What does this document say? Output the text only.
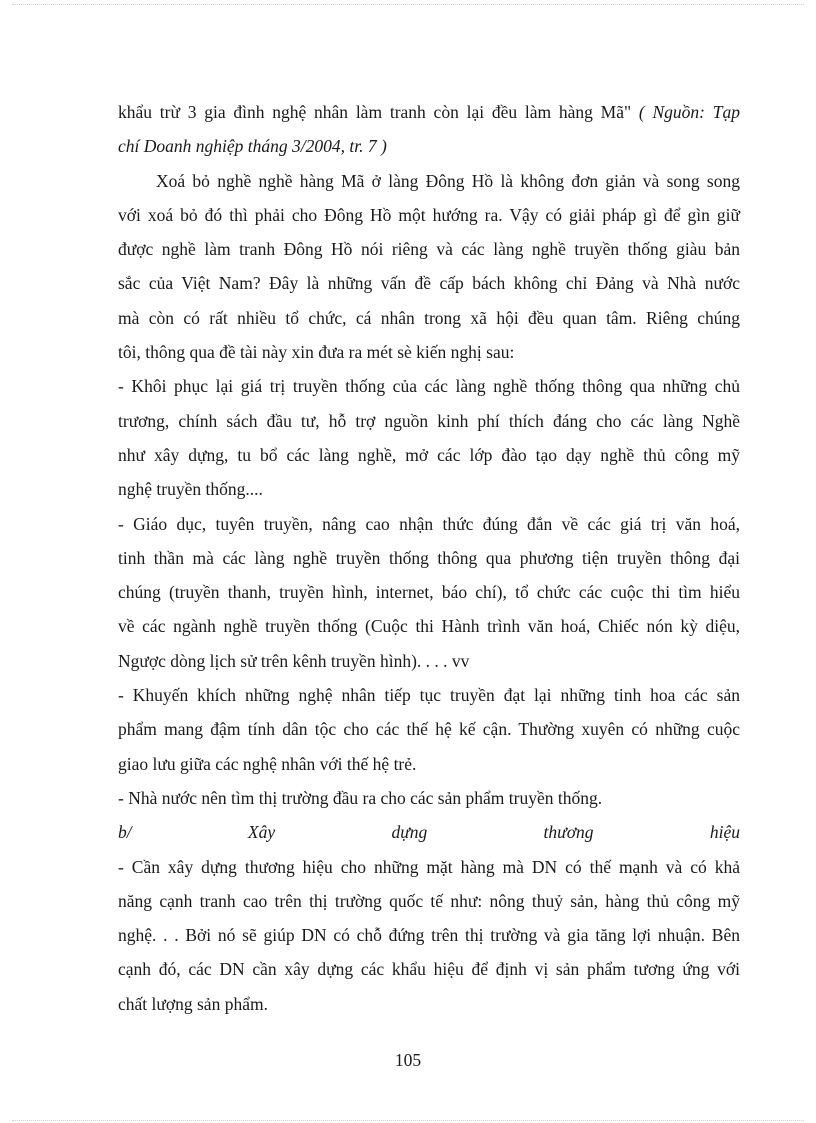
khẩu trừ 3 gia đình nghệ nhân làm tranh còn lại đều làm hàng Mã" ( Nguồn: Tạp
chí Doanh nghiệp tháng 3/2004, tr. 7 )
Xoá bỏ nghề nghề hàng Mã ở làng Đông Hồ là không đơn giản và song song
với xoá bỏ đó thì phải cho Đông Hồ một hướng ra. Vậy có giải pháp gì để gìn giữ
được nghề làm tranh Đông Hồ nói riêng và các làng nghề truyền thống giàu bản
sắc của Việt Nam? Đây là những vấn đề cấp bách không chỉ Đảng và Nhà nước
mà còn có rất nhiều tổ chức, cá nhân trong xã hội đều quan tâm. Riêng chúng
tôi, thông qua đề tài này xin đưa ra mét sè kiến nghị sau:
- Khôi phục lại giá trị truyền thống của các làng nghề thống thông qua những chủ
trương, chính sách đầu tư, hỗ trợ nguồn kinh phí thích đáng cho các làng Nghề
như xây dựng, tu bổ các làng nghề, mở các lớp đào tạo dạy nghề thủ công mỹ
nghệ truyền thống....
- Giáo dục, tuyên truyền, nâng cao nhận thức đúng đắn về các giá trị văn hoá,
tinh thần mà các làng nghề truyền thống thông qua phương tiện truyền thông đại
chúng (truyền thanh, truyền hình, internet, báo chí), tổ chức các cuộc thi tìm hiểu
về các ngành nghề truyền thống (Cuộc thi Hành trình văn hoá, Chiếc nón kỳ diệu,
Ngược dòng lịch sử trên kênh truyền hình). . . . vv
- Khuyến khích những nghệ nhân tiếp tục truyền đạt lại những tinh hoa các sản
phẩm mang đậm tính dân tộc cho các thế hệ kế cận. Thường xuyên có những cuộc
giao lưu giữa các nghệ nhân với thế hệ trẻ.
- Nhà nước nên tìm thị trường đầu ra cho các sản phẩm truyền thống.
b/ Xây dựng thương hiệu
- Cần xây dựng thương hiệu cho những mặt hàng mà DN có thế mạnh và có khả
năng cạnh tranh cao trên thị trường quốc tế như: nông thuỷ sản, hàng thủ công mỹ
nghệ. . . Bởi nó sẽ giúp DN có chỗ đứng trên thị trường và gia tăng lợi nhuận. Bên
cạnh đó, các DN cần xây dựng các khẩu hiệu để định vị sản phẩm tương ứng với
chất lượng sản phẩm.
105
